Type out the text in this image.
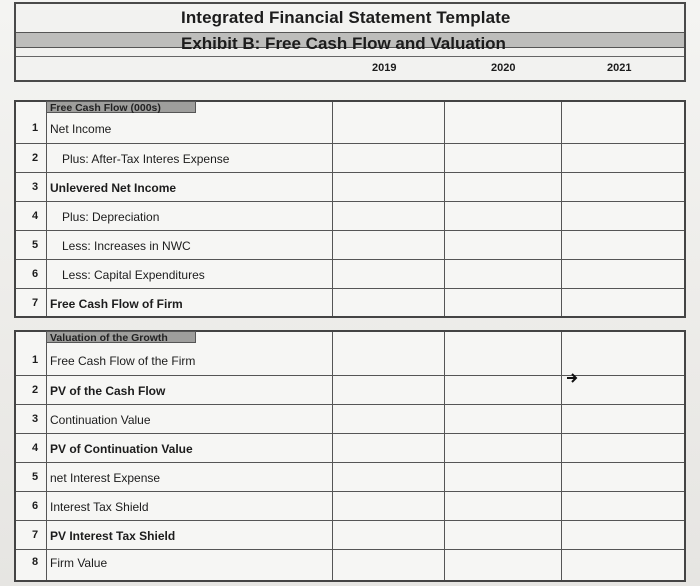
Integrated Financial Statement Template
Exhibit B: Free Cash Flow and Valuation
2019	2020	2021
Free Cash Flow (000s)
1 Net Income
2	Plus: After-Tax Interes Expense
3 Unlevered Net Income
4	Plus: Depreciation
5	Less: Increases in NWC
6	Less: Capital Expenditures
7 Free Cash Flow of Firm
Valuation of the Growth
1 Free Cash Flow of the Firm
2 PV of the Cash Flow
3 Continuation Value
4 PV of Continuation Value
5 net Interest Expense
6 Interest Tax Shield
7 PV Interest Tax Shield
8 Firm Value
